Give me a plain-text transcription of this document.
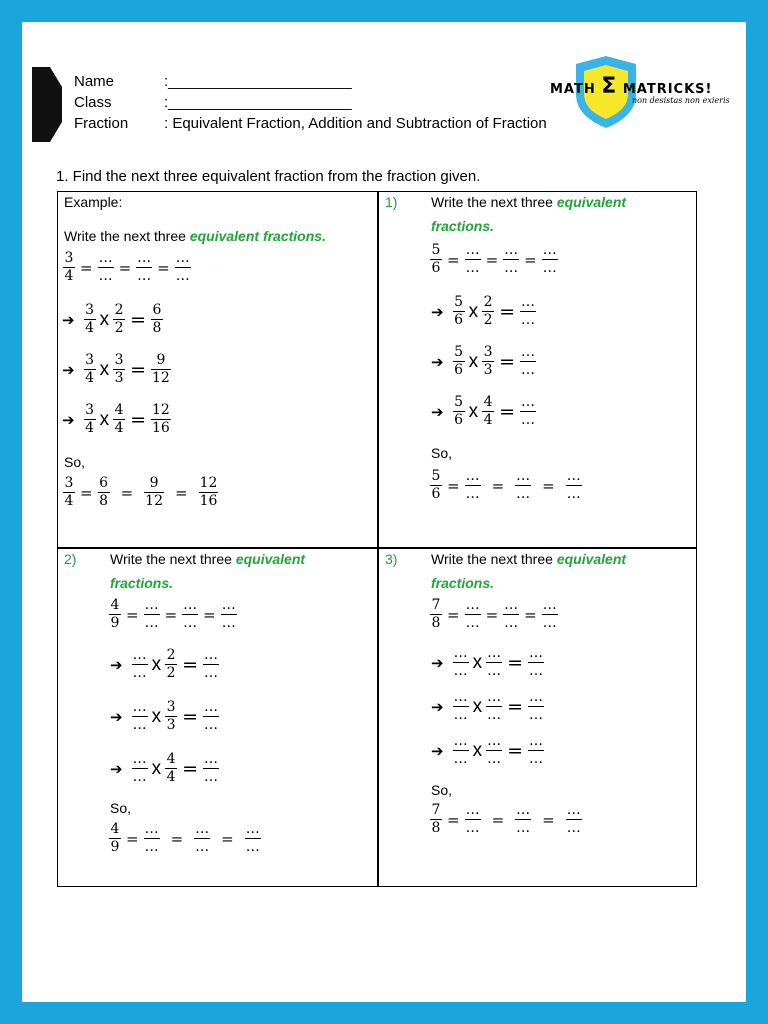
Name	:______________________
Class	:______________________
Fraction	: Equivalent Fraction, Addition and Subtraction of Fraction
MATH Σ MATRICKS!
non desistas non exieris
1. Find the next three equivalent fraction from the fraction given.
Example:
Write the next three equivalent fractions.
3
4 =
…
… =
…
… =
…
…
➔
3
4 x 2
2 = 6
8
➔
3
4 x 3
3 = 9
12
➔
3
4 x 4
4 = 12
16
So,
3
4 =
6
8 =
9
12 =
12
16
1) Write the next three equivalent
fractions.
5
6 =
…
… =
…
… =
…
…
➔
5
6 x 2
2 = …
…
➔
5
6 x 3
3 = …
…
➔
5
6 x 4
4 = …
…
So,
5
6 =
…
… =
…
… =
…
…
2) Write the next three equivalent
fractions.
4
9 =
…
… =
…
… =
…
…
➔
…
… x 2
2 = …
…
➔
…
… x 3
3 = …
…
➔
…
… x 4
4 = …
…
So,
4
9 =
…
… =
…
… =
…
…
3) Write the next three equivalent
fractions.
7
8 =
…
… =
…
… =
…
…
➔
…
… x …
… = …
…
➔
…
… x …
… = …
…
➔
…
… x …
… = …
…
So,
7
8 =
…
… =
…
… =
…
…
